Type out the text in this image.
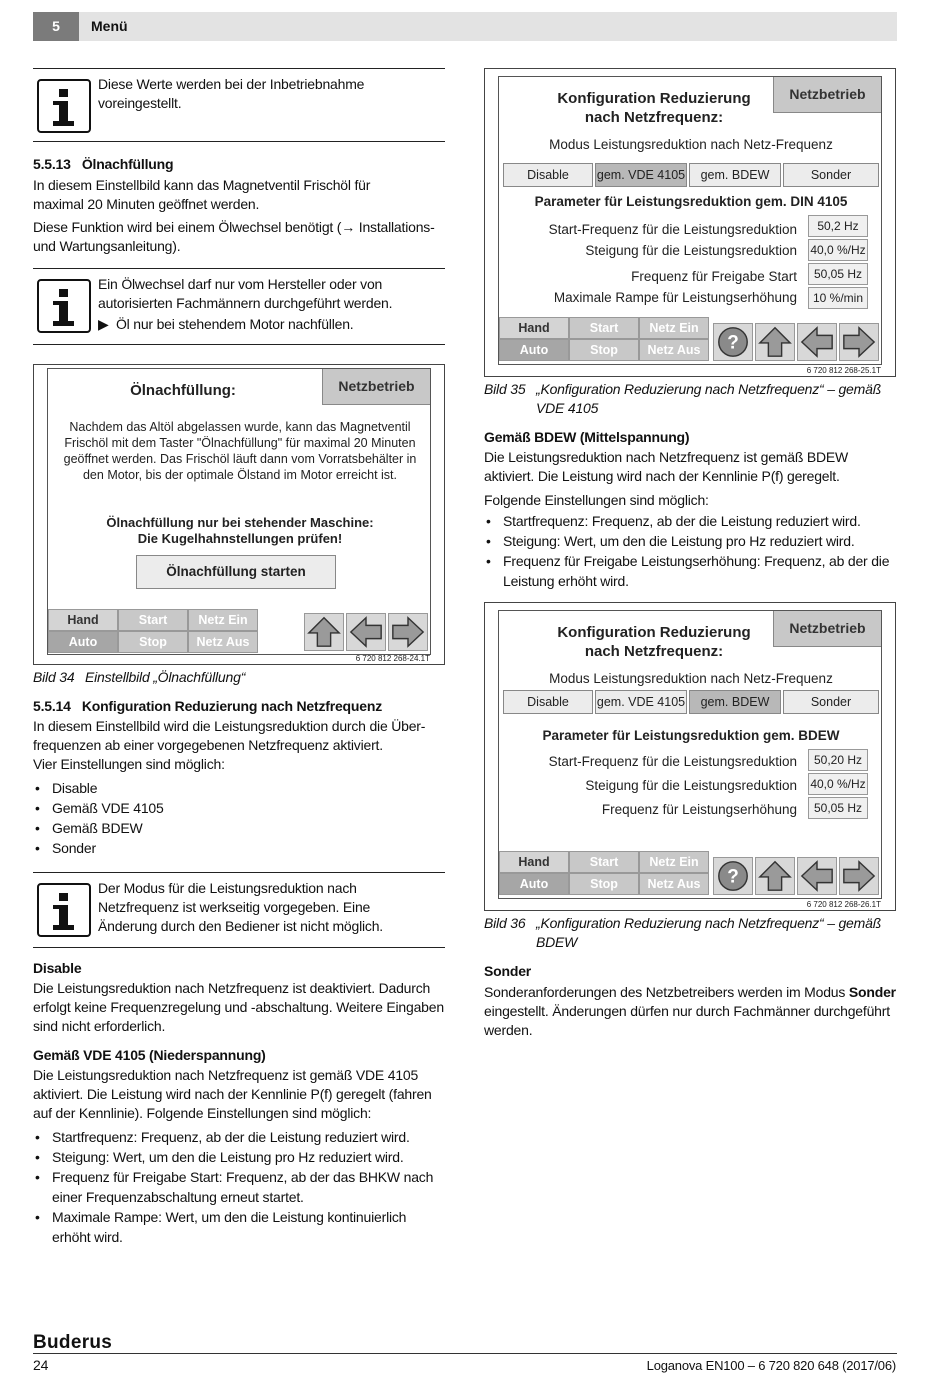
5	Menü
Diese Werte werden bei der Inbetriebnahme voreingestellt.
5.5.13 Ölnachfüllung
In diesem Einstellbild kann das Magnetventil Frischöl für maximal 20 Minuten geöffnet werden.
Diese Funktion wird bei einem Ölwechsel benötigt (→ Installations- und Wartungsanleitung).
Ein Ölwechsel darf nur vom Hersteller oder von autorisierten Fachmännern durchgeführt werden.
▶  Öl nur bei stehendem Motor nachfüllen.
Ölnachfüllung:	Netzbetrieb
Nachdem das Altöl abgelassen wurde, kann das Magnetventil Frischöl mit dem Taster "Ölnachfüllung" für maximal 20 Minuten geöffnet werden. Das Frischöl läuft dann vom Vorratsbehälter in den Motor, bis der optimale Ölstand im Motor erreicht ist.
Ölnachfüllung nur bei stehender Maschine:
Die Kugelhahnstellungen prüfen!
Ölnachfüllung starten
Hand	Start	Netz Ein
Auto	Stop	Netz Aus
6 720 812 268-24.1T
Bild 34 Einstellbild „Ölnachfüllung“
5.5.14 Konfiguration Reduzierung nach Netzfrequenz
In diesem Einstellbild wird die Leistungsreduktion durch die Über-
frequenzen ab einer vorgegebenen Netzfrequenz aktiviert.
Vier Einstellungen sind möglich:
• Disable
• Gemäß VDE 4105
• Gemäß BDEW
• Sonder
Der Modus für die Leistungsreduktion nach Netzfrequenz ist werkseitig vorgegeben. Eine Änderung durch den Bediener ist nicht möglich.
Disable
Die Leistungsreduktion nach Netzfrequenz ist deaktiviert. Dadurch erfolgt keine Frequenzregelung und -abschaltung. Weitere Eingaben sind nicht erforderlich.
Gemäß VDE 4105 (Niederspannung)
Die Leistungsreduktion nach Netzfrequenz ist gemäß VDE 4105 aktiviert. Die Leistung wird nach der Kennlinie P(f) geregelt (fahren auf der Kennlinie). Folgende Einstellungen sind möglich:
• Startfrequenz: Frequenz, ab der die Leistung reduziert wird.
• Steigung: Wert, um den die Leistung pro Hz reduziert wird.
• Frequenz für Freigabe Start: Frequenz, ab der das BHKW nach einer Frequenzabschaltung erneut startet.
• Maximale Rampe: Wert, um den die Leistung kontinuierlich erhöht wird.
Konfiguration Reduzierung
nach Netzfrequenz:
Netzbetrieb
Modus Leistungsreduktion nach Netz-Frequenz
Disable	gem. VDE 4105	gem. BDEW	Sonder
Parameter für Leistungsreduktion gem. DIN 4105
Start-Frequenz für die Leistungsreduktion	50,2 Hz
Steigung für die Leistungsreduktion 40,0 %/Hz
Frequenz für Freigabe Start	50,05 Hz
Maximale Rampe für Leistungserhöhung	10 %/min
Hand	Start	Netz Ein
Auto	Stop	Netz Aus	?
6 720 812 268-25.1T
Bild 35 „Konfiguration Reduzierung nach Netzfrequenz“ – gemäß
VDE 4105
Gemäß BDEW (Mittelspannung)
Die Leistungsreduktion nach Netzfrequenz ist gemäß BDEW aktiviert. Die Leistung wird nach der Kennlinie P(f) geregelt.
Folgende Einstellungen sind möglich:
• Startfrequenz: Frequenz, ab der die Leistung reduziert wird.
• Steigung: Wert, um den die Leistung pro Hz reduziert wird.
• Frequenz für Freigabe Leistungserhöhung: Frequenz, ab der die Leistung erhöht wird.
Konfiguration Reduzierung
nach Netzfrequenz:
Netzbetrieb
Modus Leistungsreduktion nach Netz-Frequenz
Disable	gem. VDE 4105	gem. BDEW	Sonder
Parameter für Leistungsreduktion gem. BDEW
Start-Frequenz für die Leistungsreduktion	50,20 Hz
Steigung für die Leistungsreduktion 40,0 %/Hz
Frequenz für Leistungserhöhung	50,05 Hz
Hand	Start	Netz Ein
Auto	Stop	Netz Aus	?
6 720 812 268-26.1T
Bild 36 „Konfiguration Reduzierung nach Netzfrequenz“ – gemäß
BDEW
Sonder
Sonderanforderungen des Netzbetreibers werden im Modus Sonder eingestellt. Änderungen dürfen nur durch Fachmänner durchgeführt werden.
Buderus
24	Loganova EN100 – 6 720 820 648 (2017/06)
